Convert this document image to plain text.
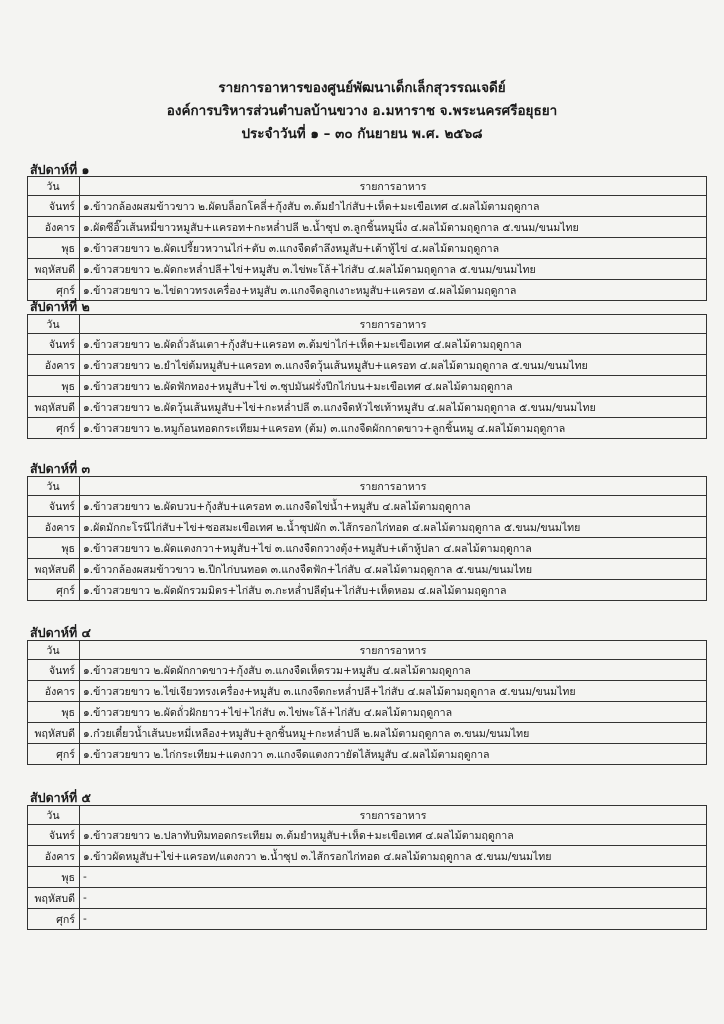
รายการอาหารของศูนย์พัฒนาเด็กเล็กสุวรรณเจดีย์
องค์การบริหารส่วนตำบลบ้านขวาง อ.มหาราช จ.พระนครศรีอยุธยา
ประจำวันที่ ๑ – ๓๐ กันยายน พ.ศ. ๒๕๖๘
สัปดาห์ที่ ๑
วัน	รายการอาหาร
จันทร์	๑.ข้าวกล้องผสมข้าวขาว ๒.ผัดบล็อกโคลี่+กุ้งสับ ๓.ต้มยำไก่สับ+เห็ด+มะเขือเทศ ๔.ผลไม้ตามฤดูกาล
อังคาร	๑.ผัดซีอิ๊วเส้นหมี่ขาวหมูสับ+แครอท+กะหล่ำปลี ๒.น้ำซุป ๓.ลูกชิ้นหมูนึ่ง ๔.ผลไม้ตามฤดูกาล ๕.ขนม/ขนมไทย
พุธ	๑.ข้าวสวยขาว ๒.ผัดเปรี้ยวหวานไก่+ตับ ๓.แกงจืดตำลึงหมูสับ+เต้าหู้ไข่ ๔.ผลไม้ตามฤดูกาล
พฤหัสบดี	๑.ข้าวสวยขาว ๒.ผัดกะหล่ำปลี+ไข่+หมูสับ ๓.ไข่พะโล้+ไก่สับ ๔.ผลไม้ตามฤดูกาล ๕.ขนม/ขนมไทย
ศุกร์	๑.ข้าวสวยขาว ๒.ไข่ดาวทรงเครื่อง+หมูสับ ๓.แกงจืดลูกเงาะหมูสับ+แครอท ๔.ผลไม้ตามฤดูกาล
สัปดาห์ที่ ๒
วัน	รายการอาหาร
จันทร์	๑.ข้าวสวยขาว ๒.ผัดถั่วลันเตา+กุ้งสับ+แครอท ๓.ต้มข่าไก่+เห็ด+มะเขือเทศ ๔.ผลไม้ตามฤดูกาล
อังคาร	๑.ข้าวสวยขาว ๒.ยำไข่ต้มหมูสับ+แครอท ๓.แกงจืดวุ้นเส้นหมูสับ+แครอท ๔.ผลไม้ตามฤดูกาล ๕.ขนม/ขนมไทย
พุธ	๑.ข้าวสวยขาว ๒.ผัดฟักทอง+หมูสับ+ไข่ ๓.ซุปมันฝรั่งปีกไก่บน+มะเขือเทศ ๔.ผลไม้ตามฤดูกาล
พฤหัสบดี	๑.ข้าวสวยขาว ๒.ผัดวุ้นเส้นหมูสับ+ไข่+กะหล่ำปลี ๓.แกงจืดหัวไชเท้าหมูสับ ๔.ผลไม้ตามฤดูกาล ๕.ขนม/ขนมไทย
ศุกร์	๑.ข้าวสวยขาว ๒.หมูก้อนทอดกระเทียม+แครอท (ต้ม) ๓.แกงจืดผักกาดขาว+ลูกชิ้นหมู ๔.ผลไม้ตามฤดูกาล
สัปดาห์ที่ ๓
วัน	รายการอาหาร
จันทร์	๑.ข้าวสวยขาว ๒.ผัดบวบ+กุ้งสับ+แครอท ๓.แกงจืดไข่น้ำ+หมูสับ ๔.ผลไม้ตามฤดูกาล
อังคาร	๑.ผัดมักกะโรนีไก่สับ+ไข่+ซอสมะเขือเทศ ๒.น้ำซุปผัก ๓.ไส้กรอกไก่ทอด ๔.ผลไม้ตามฤดูกาล ๕.ขนม/ขนมไทย
พุธ	๑.ข้าวสวยขาว ๒.ผัดแตงกวา+หมูสับ+ไข่ ๓.แกงจืดกวางตุ้ง+หมูสับ+เต้าหู้ปลา ๔.ผลไม้ตามฤดูกาล
พฤหัสบดี	๑.ข้าวกล้องผสมข้าวขาว ๒.ปีกไก่บนทอด ๓.แกงจืดฟัก+ไก่สับ ๔.ผลไม้ตามฤดูกาล ๕.ขนม/ขนมไทย
ศุกร์	๑.ข้าวสวยขาว ๒.ผัดผักรวมมิตร+ไก่สับ ๓.กะหล่ำปลีตุ๋น+ไก่สับ+เห็ดหอม ๔.ผลไม้ตามฤดูกาล
สัปดาห์ที่ ๔
วัน	รายการอาหาร
จันทร์	๑.ข้าวสวยขาว ๒.ผัดผักกาดขาว+กุ้งสับ ๓.แกงจืดเห็ดรวม+หมูสับ ๔.ผลไม้ตามฤดูกาล
อังคาร	๑.ข้าวสวยขาว ๒.ไข่เจียวทรงเครื่อง+หมูสับ ๓.แกงจืดกะหล่ำปลี+ไก่สับ ๔.ผลไม้ตามฤดูกาล ๕.ขนม/ขนมไทย
พุธ	๑.ข้าวสวยขาว ๒.ผัดถั่วฝักยาว+ไข่+ไก่สับ ๓.ไข่พะโล้+ไก่สับ ๔.ผลไม้ตามฤดูกาล
พฤหัสบดี	๑.ก๋วยเตี๋ยวน้ำเส้นบะหมี่เหลือง+หมูสับ+ลูกชิ้นหมู+กะหล่ำปลี ๒.ผลไม้ตามฤดูกาล ๓.ขนม/ขนมไทย
ศุกร์	๑.ข้าวสวยขาว ๒.ไก่กระเทียม+แตงกวา ๓.แกงจืดแตงกวายัดไส้หมูสับ ๔.ผลไม้ตามฤดูกาล
สัปดาห์ที่ ๕
วัน	รายการอาหาร
จันทร์	๑.ข้าวสวยขาว ๒.ปลาทับทิมทอดกระเทียม ๓.ต้มยำหมูสับ+เห็ด+มะเขือเทศ ๔.ผลไม้ตามฤดูกาล
อังคาร	๑.ข้าวผัดหมูสับ+ไข่+แครอท/แตงกวา ๒.น้ำซุป ๓.ไส้กรอกไก่ทอด ๔.ผลไม้ตามฤดูกาล ๕.ขนม/ขนมไทย
พุธ	-
พฤหัสบดี	-
ศุกร์	-
